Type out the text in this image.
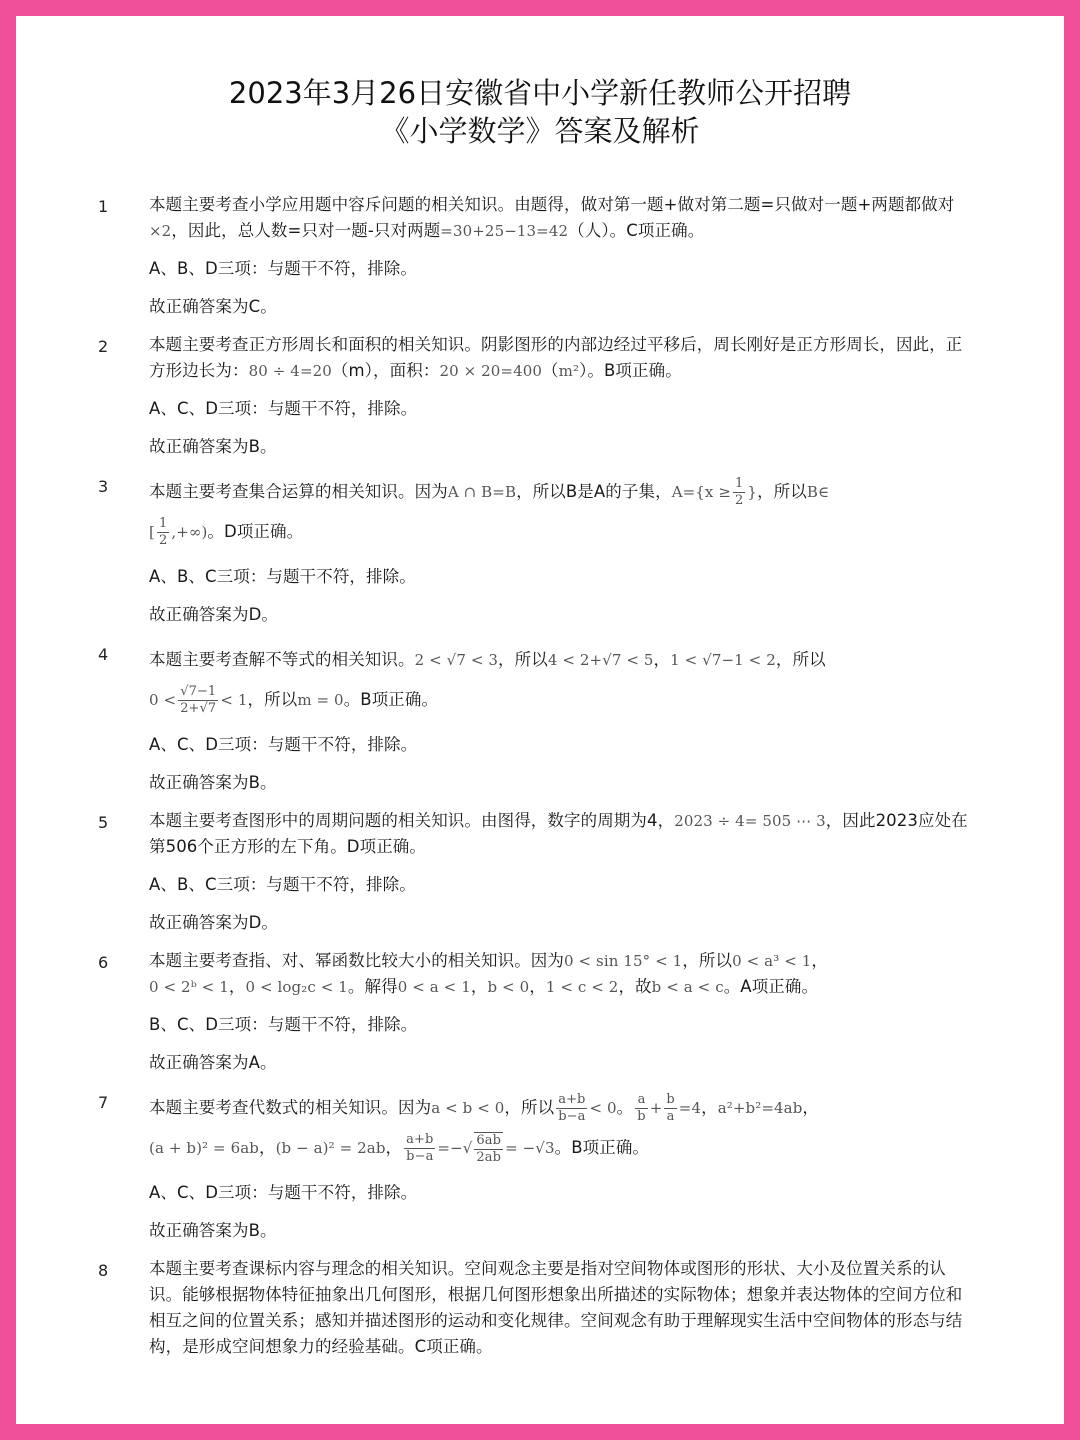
2023年3月26日安徽省中小学新任教师公开招聘
《小学数学》答案及解析
1 本题主要考查小学应用题中容斥问题的相关知识。由题得，做对第一题+做对第二题=只做对一题+两题都做对×2，因此，总人数=只对一题-只对两题=30+25−13=42（人）。C项正确。

A、B、D三项：与题干不符，排除。

故正确答案为C。

2 本题主要考查正方形周长和面积的相关知识。阴影图形的内部边经过平移后，周长刚好是正方形周长，因此，正方形边长为：80 ÷ 4=20（m），面积：20 × 20=400（m²）。B项正确。

A、C、D三项：与题干不符，排除。

故正确答案为B。

3 本题主要考查集合运算的相关知识。因为A ∩ B=B，所以B是A的子集，$A=\{x \ge \frac{1}{2}$ }，所以B∈
[ $\frac{1}{2}$ ,+∞)。D项正确。

A、B、C三项：与题干不符，排除。

故正确答案为D。

4 本题主要考查解不等式的相关知识。2 < √7 < 3，所以4 < 2+√7 < 5，1 < √7−1 < 2，所以
$0 < \frac{√7-1}{2+√7} < 1$，所以m = 0。B项正确。

A、C、D三项：与题干不符，排除。

故正确答案为B。

5 本题主要考查图形中的周期问题的相关知识。由图得，数字的周期为4，2023 ÷ 4= 505 ⋯ 3，因此2023应处在第506个正方形的左下角。D项正确。

A、B、C三项：与题干不符，排除。

故正确答案为D。

6 本题主要考查指、对、幂函数比较大小的相关知识。因为0 < sin 15° < 1，所以0 < a³ < 1，
0 < 2ᵇ < 1，0 < log₂c < 1。解得0 < a < 1，b < 0，1 < c < 2，故b < a < c。A项正确。

B、C、D三项：与题干不符，排除。

故正确答案为A。

7 本题主要考查代数式的相关知识。因为a < b < 0，所以 $\frac{a+b}{b-a} < 0$。 $\frac{a}{b} + \frac{b}{a} =4$，a²+b²=4ab，
(a + b)² = 6ab，(b − a)² = 2ab， $\frac{a+b}{b-a}$ =−√ $\frac{6ab}{2ab} = -√3$。B项正确。

A、C、D三项：与题干不符，排除。

故正确答案为B。

8 本题主要考查课标内容与理念的相关知识。空间观念主要是指对空间物体或图形的形状、大小及位置关系的认识。能够根据物体特征抽象出几何图形，根据几何图形想象出所描述的实际物体；想象并表达物体的空间方位和相互之间的位置关系；感知并描述图形的运动和变化规律。空间观念有助于理解现实生活中空间物体的形态与结构，是形成空间想象力的经验基础。C项正确。
